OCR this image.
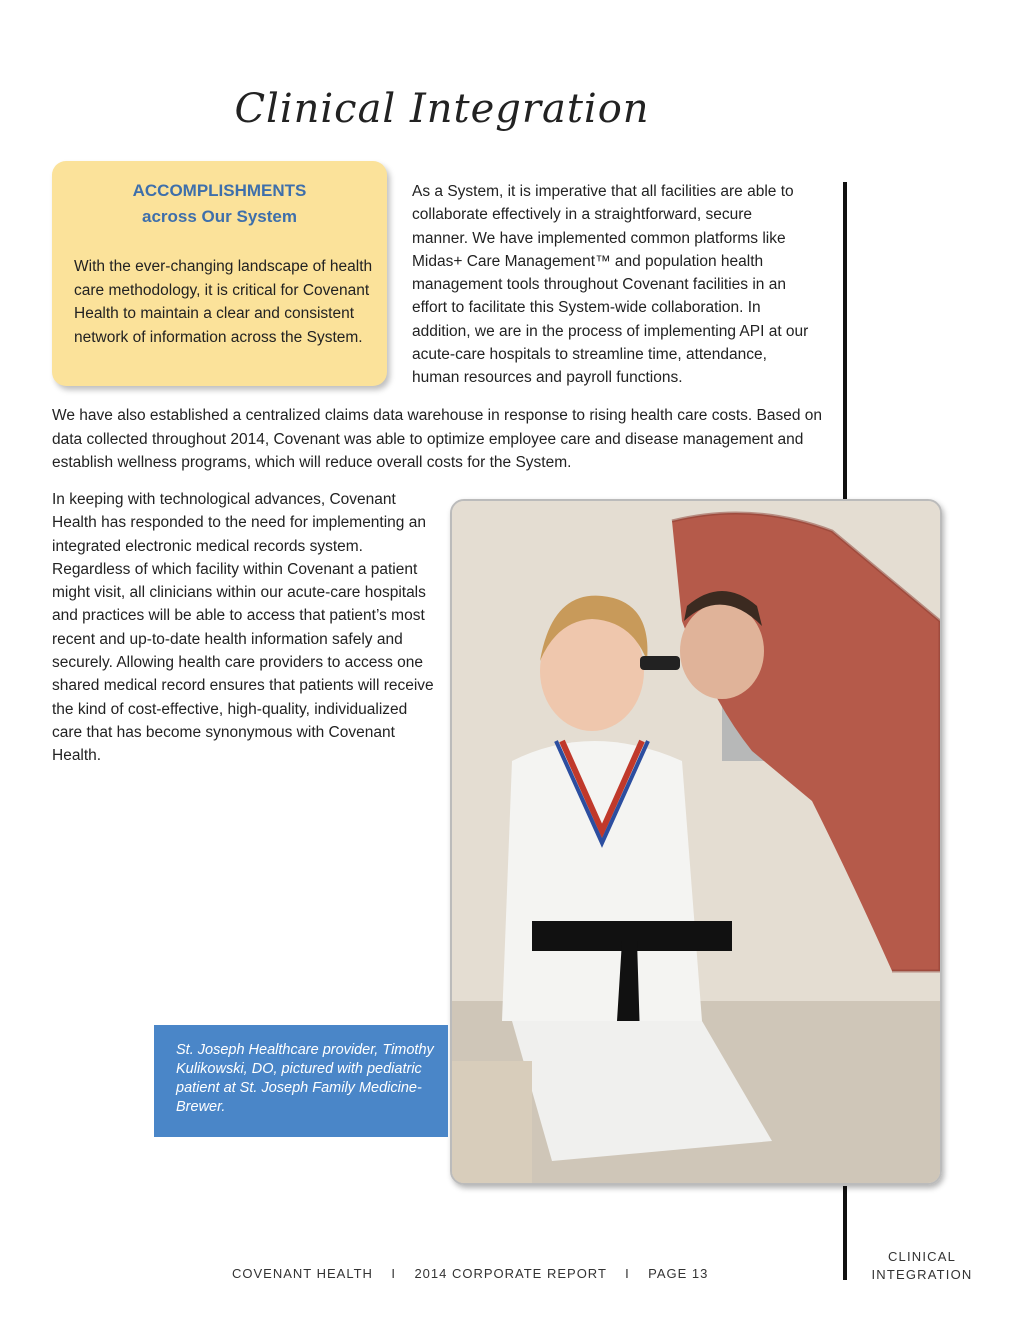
Clinical Integration
ACCOMPLISHMENTS
across Our System
With the ever-changing landscape of health care methodology, it is critical for Covenant Health to maintain a clear and consistent network of information across the System.
As a System, it is imperative that all facilities are able to collaborate effectively in a straightforward, secure manner. We have implemented common platforms like Midas+ Care Management™ and population health management tools throughout Covenant facilities in an effort to facilitate this System-wide collaboration. In addition, we are in the process of implementing API at our acute-care hospitals to streamline time, attendance, human resources and payroll functions.
We have also established a centralized claims data warehouse in response to rising health care costs. Based on data collected throughout 2014, Covenant was able to optimize employee care and disease management and establish wellness programs, which will reduce overall costs for the System.
In keeping with technological advances, Covenant Health has responded to the need for implementing an integrated electronic medical records system. Regardless of which facility within Covenant a patient might visit, all clinicians within our acute-care hospitals and practices will be able to access that patient’s most recent and up-to-date health information safely and securely. Allowing health care providers to access one shared medical record ensures that patients will receive the kind of cost-effective, high-quality, individualized care that has become synonymous with Covenant Health.
St. Joseph Healthcare provider, Timothy Kulikowski, DO, pictured with pediatric patient at St. Joseph Family Medicine-Brewer.
COVENANT HEALTH    I    2014 CORPORATE REPORT    I    PAGE 13
CLINICAL
INTEGRATION
